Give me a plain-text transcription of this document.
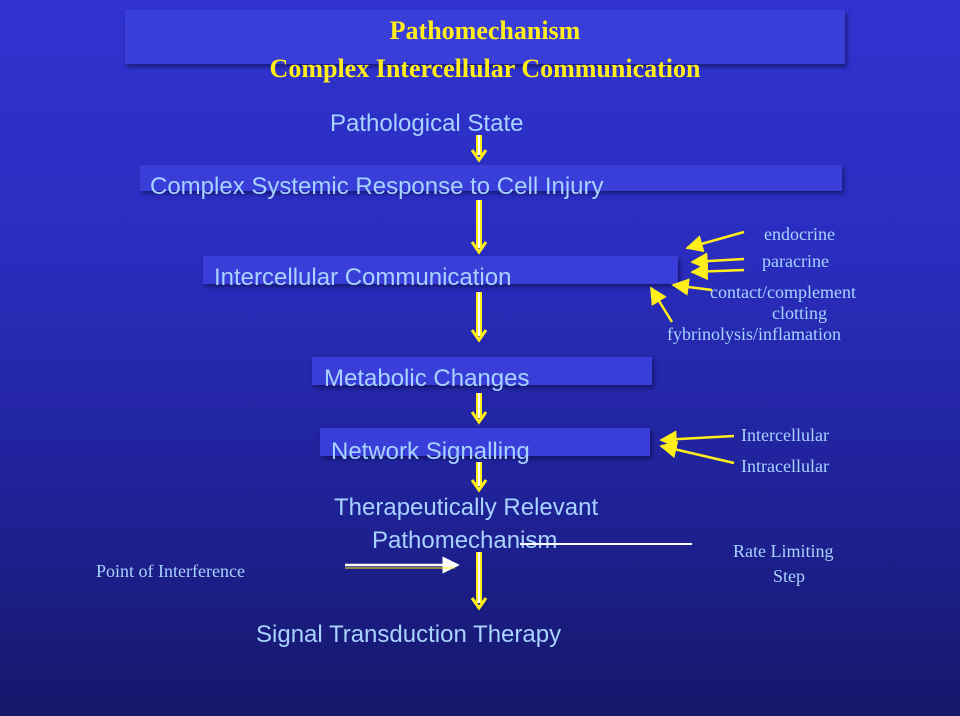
Pathomechanism
Complex Intercellular Communication
Pathological State
Complex Systemic Response to Cell Injury
Intercellular Communication
Metabolic Changes
Network Signalling
Therapeutically Relevant
Pathomechanism
Signal Transduction Therapy
endocrine
paracrine
contact/complement
clotting
fybrinolysis/inflamation
Intercellular
Intracellular
Rate Limiting
Step
Point of Interference
